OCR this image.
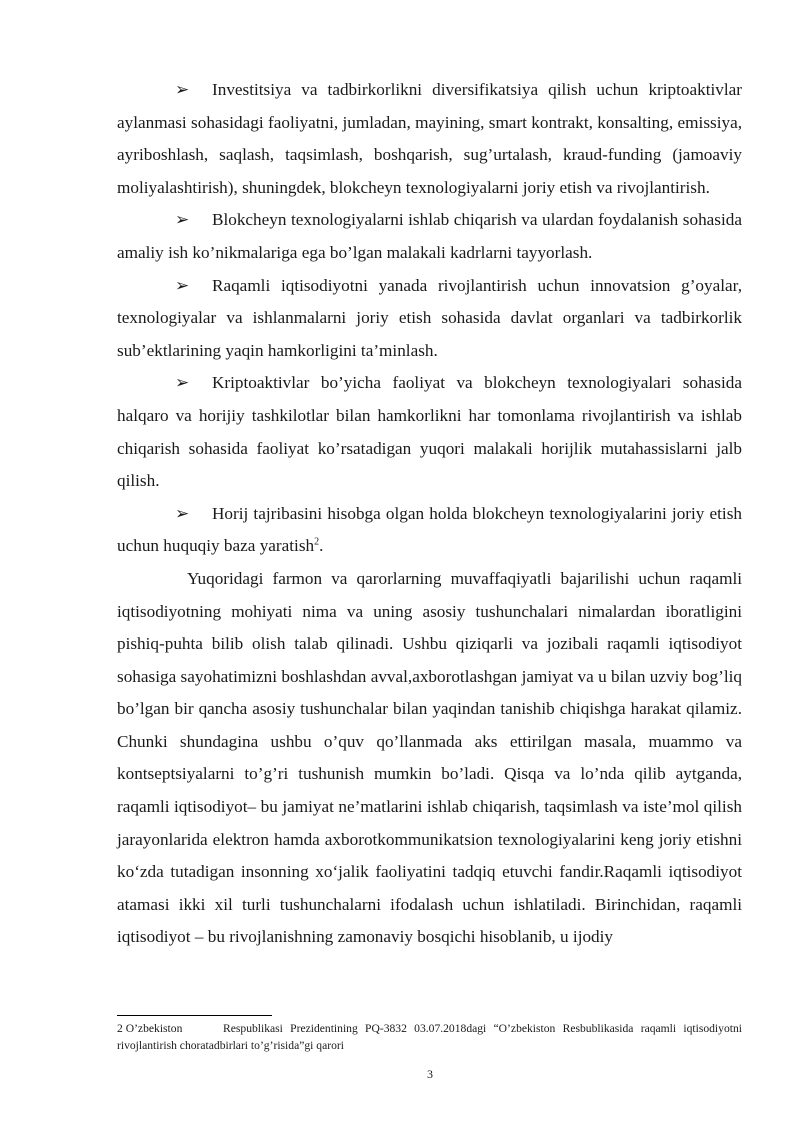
➢ Investitsiya va tadbirkorlikni diversifikatsiya qilish uchun kriptoaktivlar aylanmasi sohasidagi faoliyatni, jumladan, mayining, smart kontrakt, konsalting, emissiya, ayriboshlash, saqlash, taqsimlash, boshqarish, sug’urtalash, kraud-funding (jamoaviy moliyalashtirish), shuningdek, blokcheyn texnologiyalarni joriy etish va rivojlantirish.

➢ Blokcheyn texnologiyalarni ishlab chiqarish va ulardan foydalanish sohasida amaliy ish ko’nikmalariga ega bo’lgan malakali kadrlarni tayyorlash.

➢ Raqamli iqtisodiyotni yanada rivojlantirish uchun innovatsion g’oyalar, texnologiyalar va ishlanmalarni joriy etish sohasida davlat organlari va tadbirkorlik sub’ektlarining yaqin hamkorligini ta’minlash.

➢ Kriptoaktivlar bo’yicha faoliyat va blokcheyn texnologiyalari sohasida halqaro va horijiy tashkilotlar bilan hamkorlikni har tomonlama rivojlantirish va ishlab chiqarish sohasida faoliyat ko’rsatadigan yuqori malakali horijlik mutahassislarni jalb qilish.

➢ Horij tajribasini hisobga olgan holda blokcheyn texnologiyalarini joriy etish uchun huquqiy baza yaratish$^2$.

Yuqoridagi farmon va qarorlarning muvaffaqiyatli bajarilishi uchun raqamli iqtisodiyotning mohiyati nima va uning asosiy tushunchalari nimalardan iboratligini pishiq-puhta bilib olish talab qilinadi. Ushbu qiziqarli va jozibali raqamli iqtisodiyot sohasiga sayohatimizni boshlashdan avval,axborotlashgan jamiyat va u bilan uzviy bog’liq bo’lgan bir qancha asosiy tushunchalar bilan yaqindan tanishib chiqishga harakat qilamiz. Chunki shundagina ushbu o’quv qo’llanmada aks ettirilgan masala, muammo va kontseptsiyalarni to’g’ri tushunish mumkin bo’ladi. Qisqa va lo’nda qilib aytganda, raqamli iqtisodiyot– bu jamiyat ne’matlarini ishlab chiqarish, taqsimlash va iste’mol qilish jarayonlarida elektron hamda axborotkommunikatsion texnologiyalarini keng joriy etishni ko‘zda tutadigan insonning xo‘jalik faoliyatini tadqiq etuvchi fandir.Raqamli iqtisodiyot atamasi ikki xil turli tushunchalarni ifodalash uchun ishlatiladi. Birinchidan, raqamli iqtisodiyot – bu rivojlanishning zamonaviy bosqichi hisoblanib, u ijodiy

2 O’zbekiston	Respublikasi Prezidentining PQ-3832 03.07.2018dagi “O’zbekiston Resbublikasida raqamli iqtisodiyotni rivojlantirish choratadbirlari to’g’risida”gi qarori

3
